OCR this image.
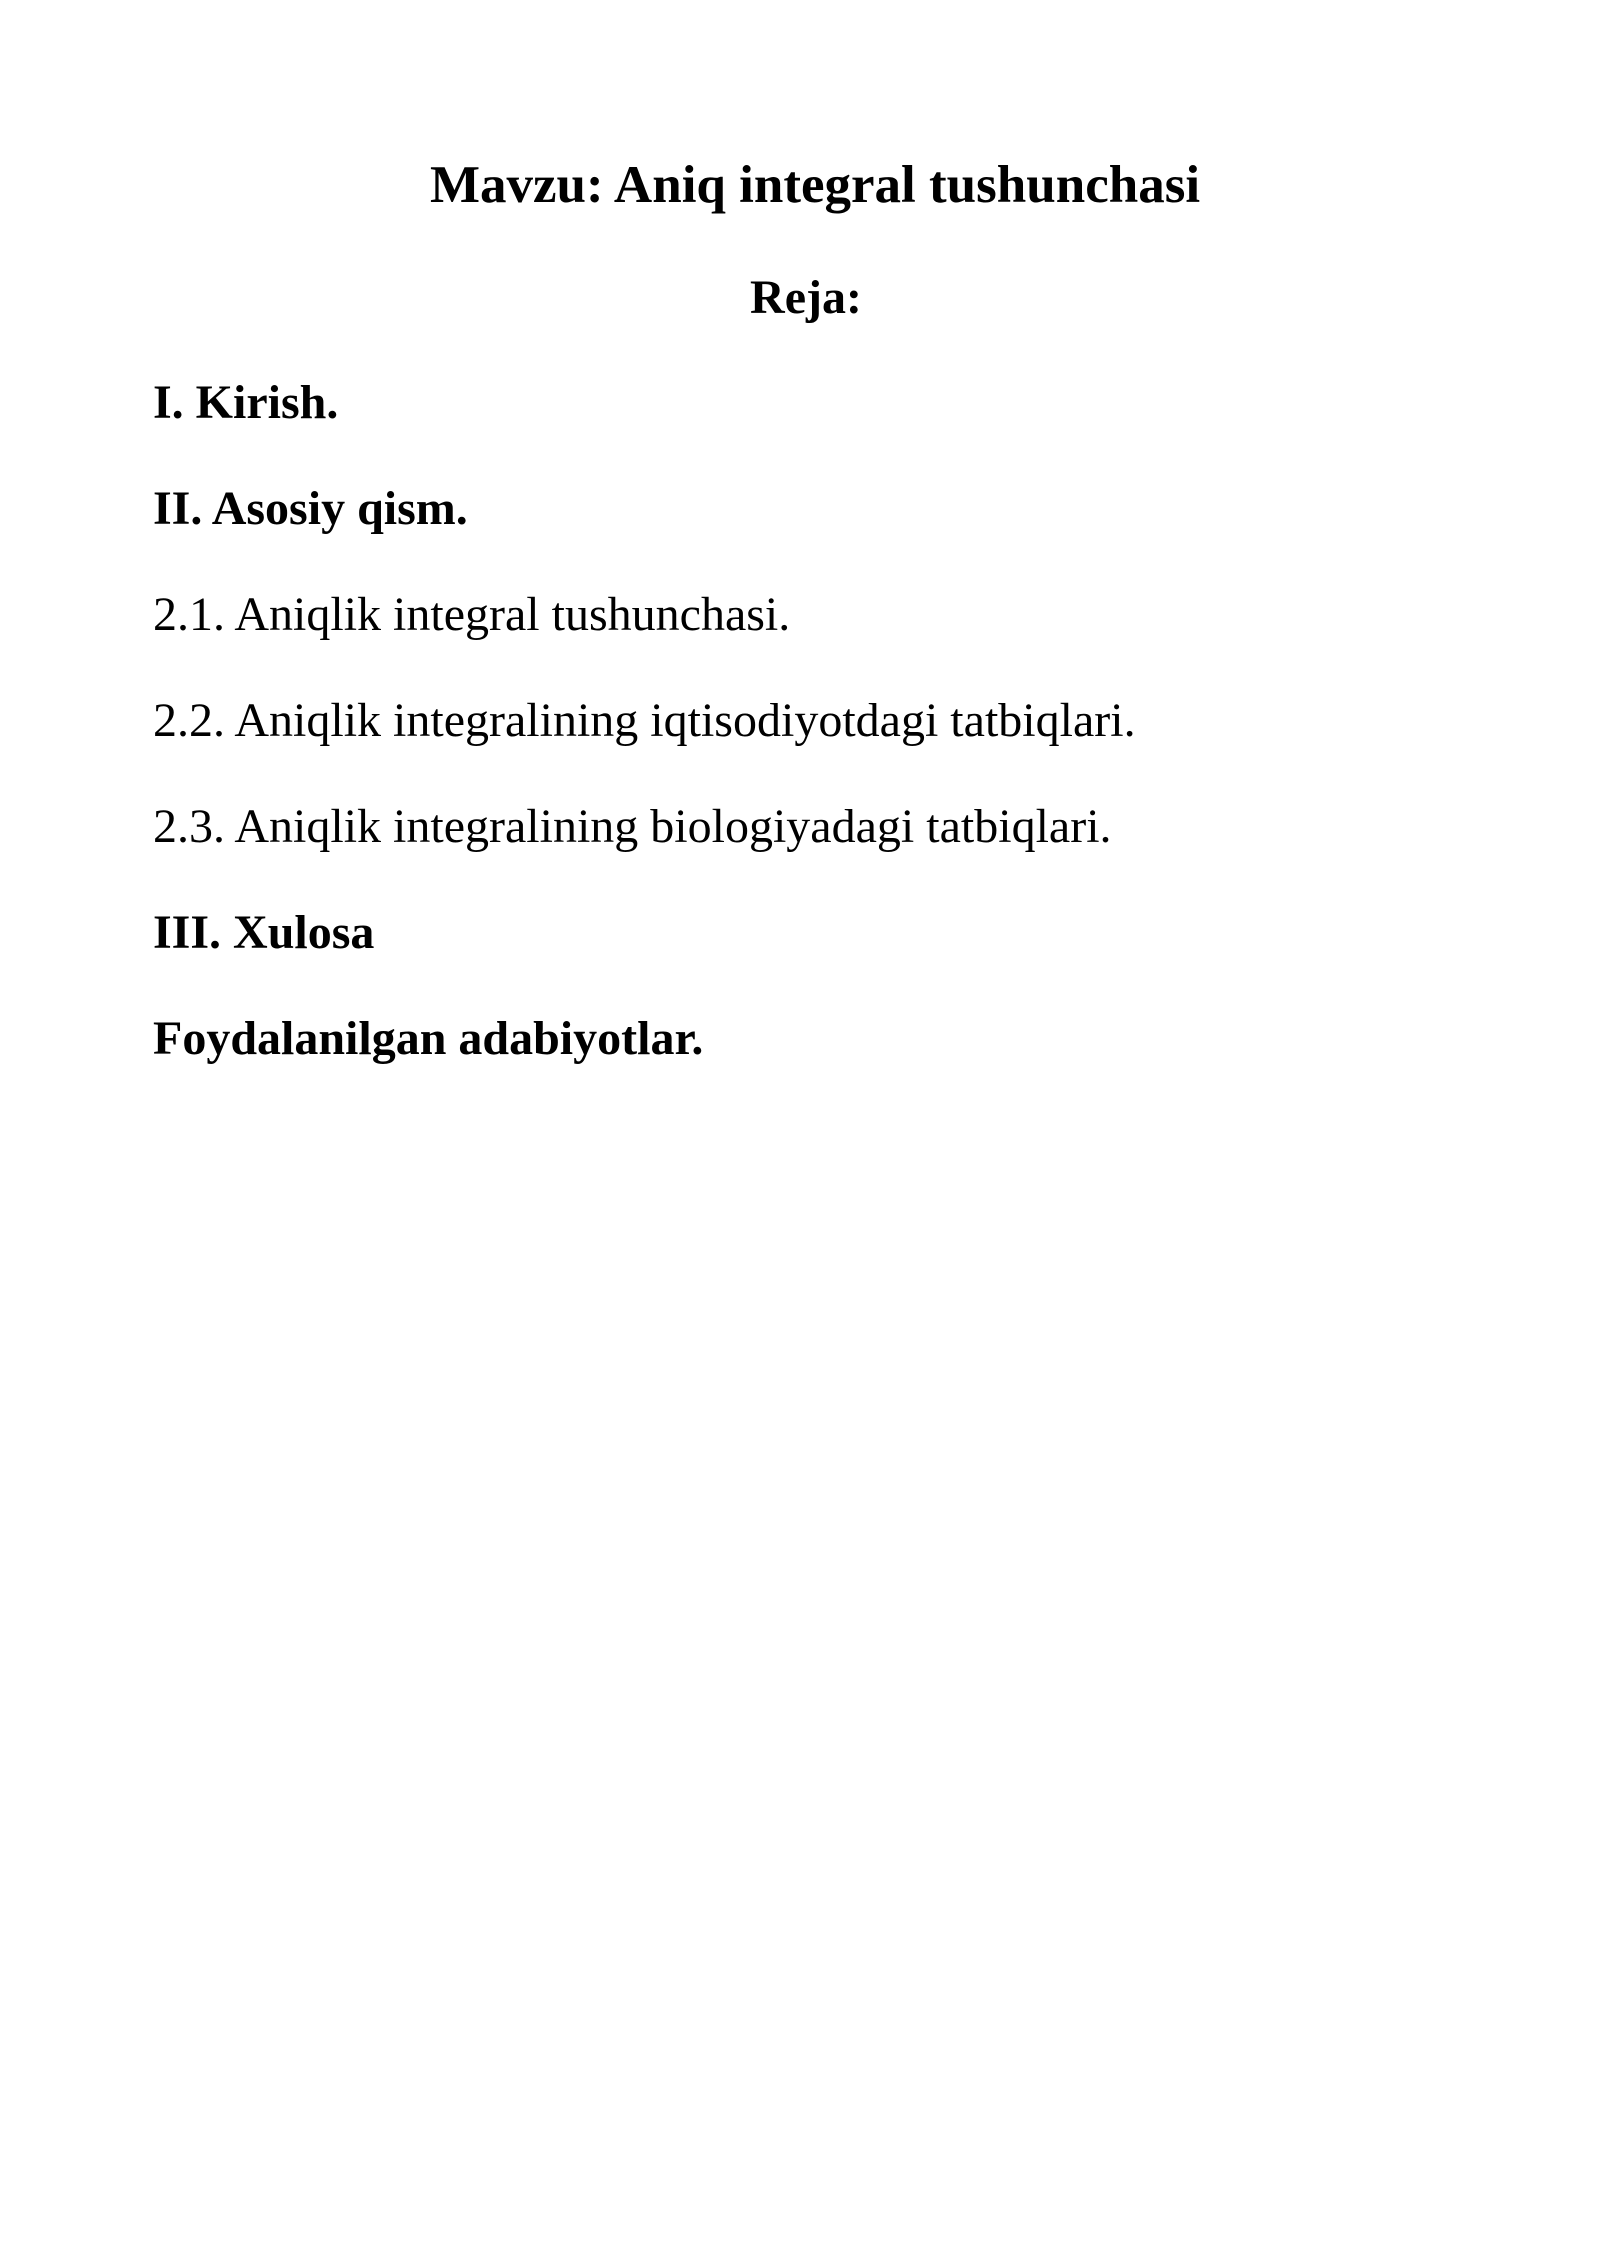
Mavzu: Aniq integral tushunchasi
Reja:
I. Kirish.
II. Asosiy qism.
2.1. Aniqlik integral tushunchasi.
2.2. Aniqlik integralining iqtisodiyotdagi tatbiqlari.
2.3. Aniqlik integralining biologiyadagi tatbiqlari.
III. Xulosa
Foydalanilgan adabiyotlar.
